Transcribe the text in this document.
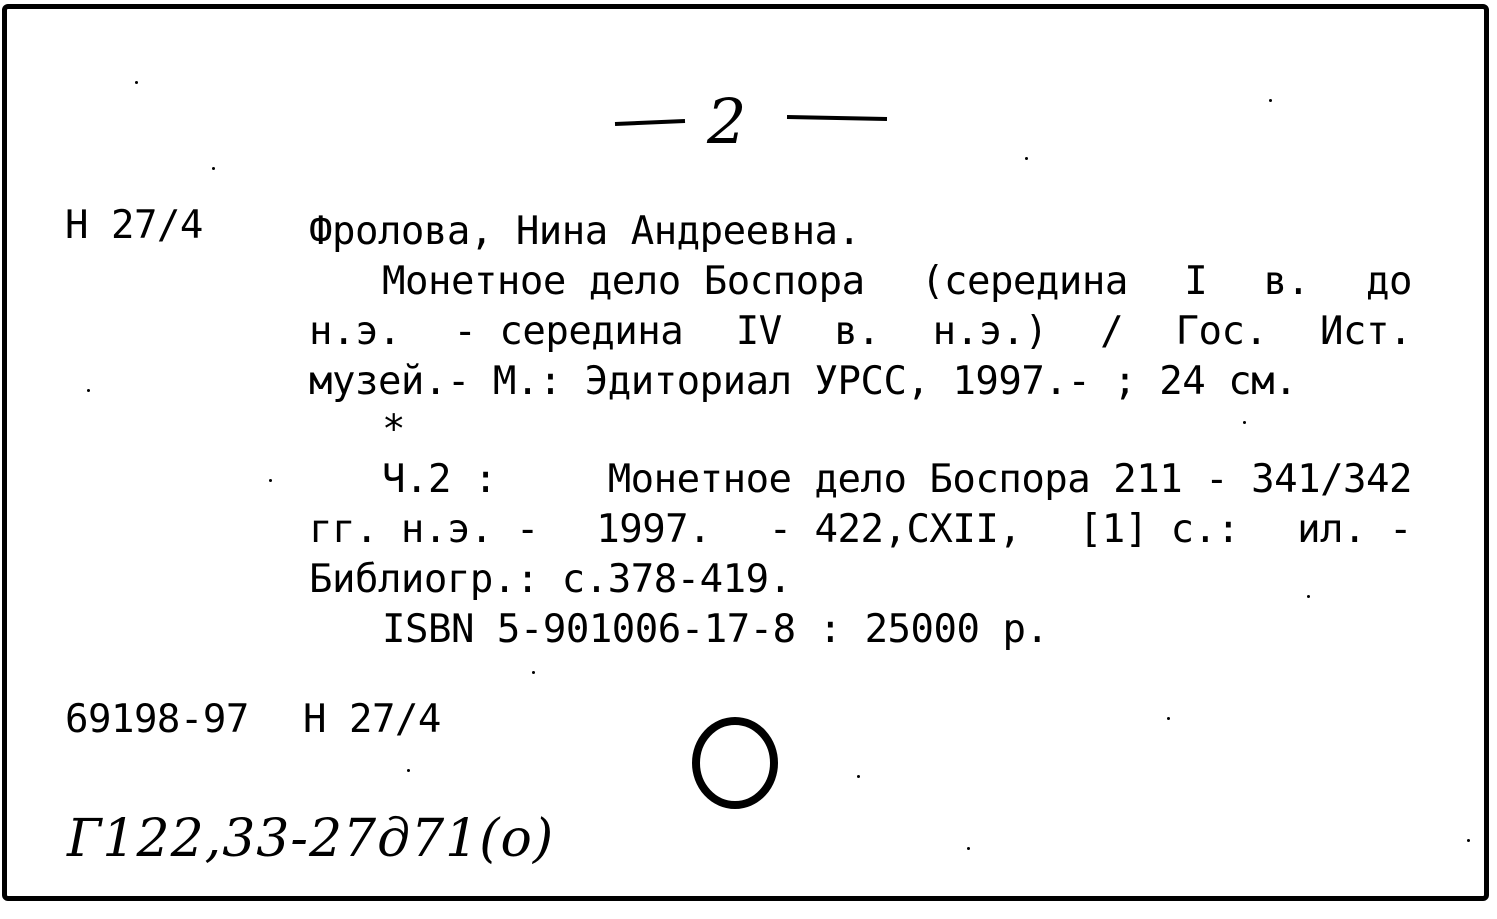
2
Н 27/4	Фролова, Нина Андреевна.
Монетное дело Боспора (середина I в. до
н.э. - середина IV в. н.э.) / Гос. Ист.
музей.- М.: Эдиториал УРСС, 1997.- ; 24 см.
*
Ч.2 :	Монетное дело Боспора 211 - 341/342
гг. н.э. - 1997. - 422,CXII, [1] с.: ил. -
Библиогр.: с.378-419.
ISBN 5-901006-17-8 : 25000 р.
69198-97 Н 27/4
Г122,33-27д71(о)
